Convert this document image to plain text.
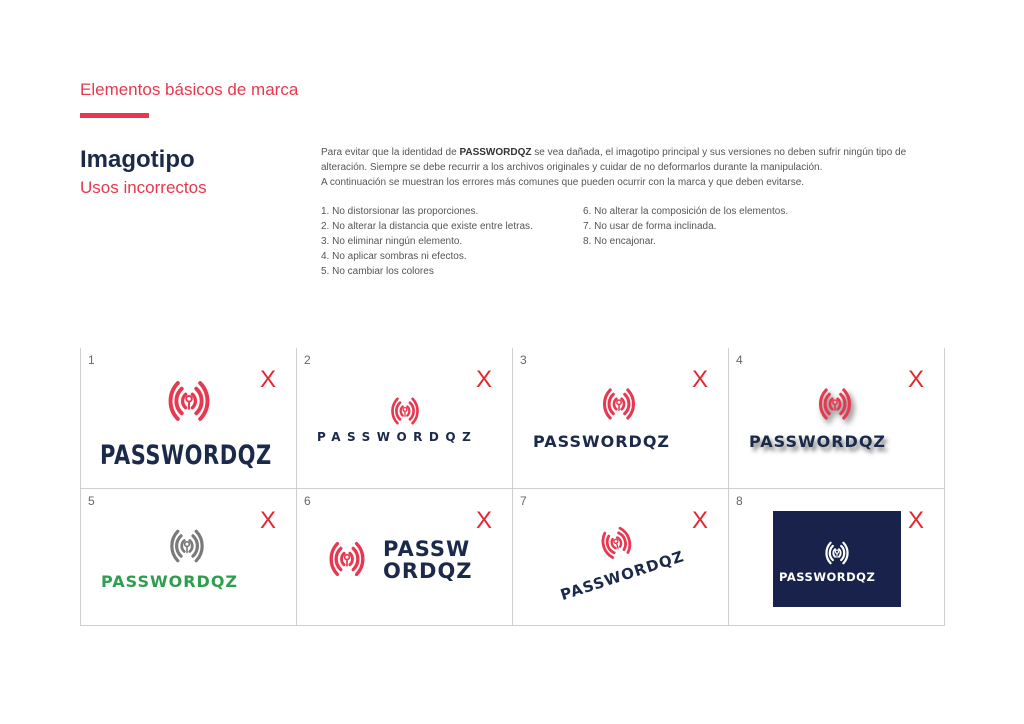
Elementos básicos de marca
Imagotipo
Usos incorrectos

Para evitar que la identidad de PASSWORDQZ se vea dañada, el imagotipo principal y sus versiones no deben sufrir ningún tipo de alteración. Siempre se debe recurrir a los archivos originales y cuidar de no deformarlos durante la manipulación.
A continuación se muestran los errores más comunes que pueden ocurrir con la marca y que deben evitarse.

1. No distorsionar las proporciones.
2. No alterar la distancia que existe entre letras.
3. No eliminar ningún elemento.
4. No aplicar sombras ni efectos.
5. No cambiar los colores
6. No alterar la composición de los elementos.
7. No usar de forma inclinada.
8. No encajonar.
1
X
PASSWORDQZ
2
X
PASSWORDQZ
3
X
PASSWORDQZ
4
X
PASSWORDQZ
5
X
PASSWORDQZ
6
X
PASSW
ORDQZ
7
X
PASSWORDQZ
8
X
PASSWORDQZ
